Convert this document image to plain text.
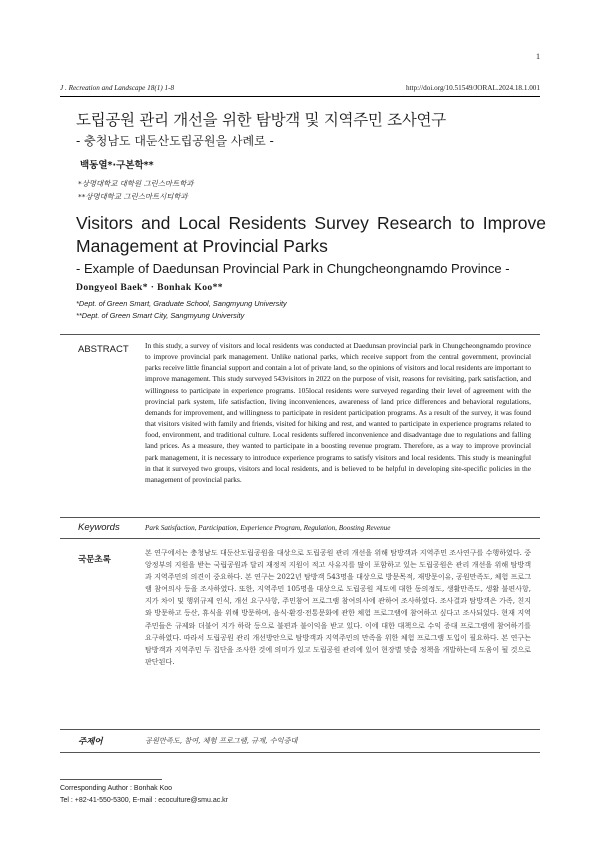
1
J . Recreation and Landscape 18(1) 1-8	http://doi.org/10.51549/JORAL.2024.18.1.001
도립공원 관리 개선을 위한 탐방객 및 지역주민 조사연구
- 충청남도 대둔산도립공원을 사례로 -
백동열*·구본학**
*상명대학교 대학원 그린스마트학과
**상명대학교 그린스마트시티학과
Visitors and Local Residents Survey Research to Improve
Management at Provincial Parks
- Example of Daedunsan Provincial Park in Chungcheongnamdo Province -
Dongyeol Baek* · Bonhak Koo**
*Dept. of Green Smart, Graduate School, Sangmyung University
**Dept. of Green Smart City, Sangmyung University
ABSTRACT In this study, a survey of visitors and local residents was conducted at Daedunsan provincial park in Chungcheongnamdo province to improve provincial park management. Unlike national parks, which receive support from the central government, provincial parks receive little financial support and contain a lot of private land, so the opinions of visitors and local residents are important to improve management. This study surveyed 543visitors in 2022 on the purpose of visit, reasons for revisiting, park satisfaction, and willingness to participate in experience programs. 105local residents were surveyed regarding their level of agreement with the provincial park system, life satisfaction, living inconveniences, awareness of land price differences and behavioral regulations, demands for improvement, and willingness to participate in resident participation programs. As a result of the survey, it was found that visitors visited with family and friends, visited for hiking and rest, and wanted to participate in experience programs related to food, environment, and traditional culture. Local residents suffered inconvenience and disadvantage due to regulations and falling land prices. As a measure, they wanted to participate in a boosting revenue program. Therefore, as a way to improve provincial park management, it is necessary to introduce experience programs to satisfy visitors and local residents. This study is meaningful in that it surveyed two groups, visitors and local residents, and is believed to be helpful in developing site-specific policies in the management of provincial parks.
Keywords	Park Satisfaction, Participation, Experience Program, Regulation, Boosting Revenue
국문초록
본 연구에서는 충청남도 대둔산도립공원을 대상으로 도립공원 관리 개선을 위해 탐방객과 지역주민 조사연구를 수행하였다. 중앙정부의 지원을 받는 국립공원과 달리 재정적 지원이 적고 사유지를 많이 포함하고 있는 도립공원은 관리 개선을 위해 탐방객과 지역주민의 의견이 중요하다. 본 연구는 2022년 탐방객 543명을 대상으로 방문목적, 재방문이유, 공원만족도, 체험 프로그램 참여의사 등을 조사하였다. 또한, 지역주민 105명을 대상으로 도립공원 제도에 대한 동의정도, 생활만족도, 생활 불편사항, 지가 차이 및 행위규제 인식, 개선 요구사항, 주민참여 프로그램 참여의사에 관하여 조사하였다. 조사결과 탐방객은 가족, 친지와 방문하고 등산, 휴식을 위해 방문하며, 음식·환경·전통문화에 관한 체험 프로그램에 참여하고 싶다고 조사되었다. 현재 지역주민들은 규제와 더불어 지가 하락 등으로 불편과 불이익을 받고 있다. 이에 대한 대책으로 수익 증대 프로그램에 참여하기를 요구하였다. 따라서 도립공원 관리 개선방안으로 탐방객과 지역주민의 만족을 위한 체험 프로그램 도입이 필요하다. 본 연구는 탐방객과 지역주민 두 집단을 조사한 것에 의미가 있고 도립공원 관리에 있어 현장별 맞춤 정책을 개발하는데 도움이 될 것으로 판단된다.
주제어	공원만족도, 참여, 체험 프로그램, 규제, 수익증대
Corresponding Author : Bonhak Koo
Tel : +82-41-550-5300, E-mail : ecoculture@smu.ac.kr
